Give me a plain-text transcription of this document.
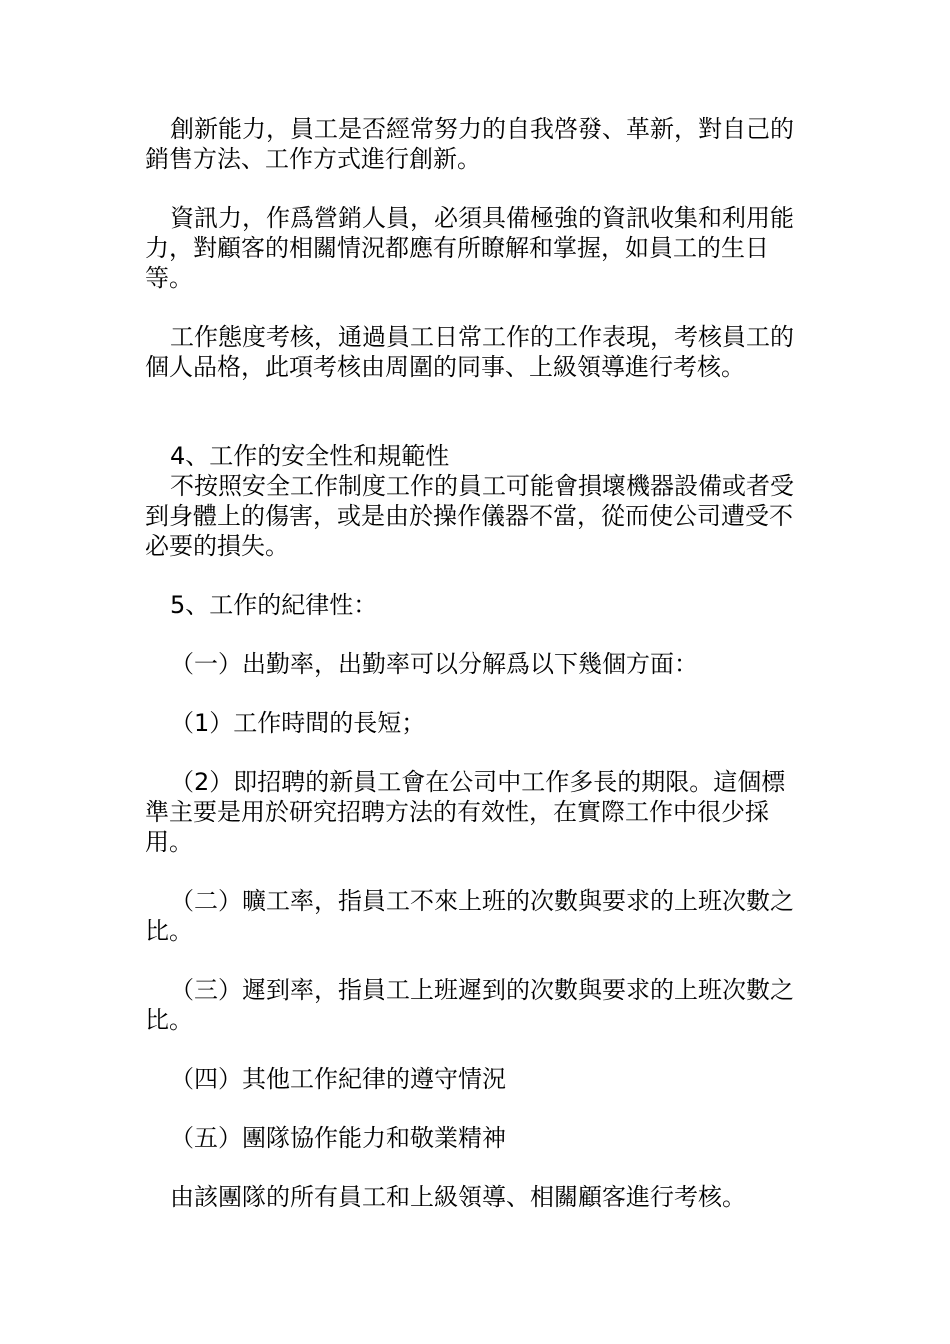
創新能力，員工是否經常努力的自我啓發、革新，對自己的銷售方法、工作方式進行創新。

資訊力，作爲營銷人員，必須具備極強的資訊收集和利用能力，對顧客的相關情況都應有所瞭解和掌握，如員工的生日等。

工作態度考核，通過員工日常工作的工作表現，考核員工的個人品格，此項考核由周圍的同事、上級領導進行考核。

4、工作的安全性和規範性

不按照安全工作制度工作的員工可能會損壞機器設備或者受到身體上的傷害，或是由於操作儀器不當，從而使公司遭受不必要的損失。

5、工作的紀律性：

（一）出勤率，出勤率可以分解爲以下幾個方面：

（1）工作時間的長短；

（2）即招聘的新員工會在公司中工作多長的期限。這個標準主要是用於研究招聘方法的有效性，在實際工作中很少採用。

（二）曠工率，指員工不來上班的次數與要求的上班次數之比。

（三）遲到率，指員工上班遲到的次數與要求的上班次數之比。

（四）其他工作紀律的遵守情況

（五）團隊協作能力和敬業精神

由該團隊的所有員工和上級領導、相關顧客進行考核。
